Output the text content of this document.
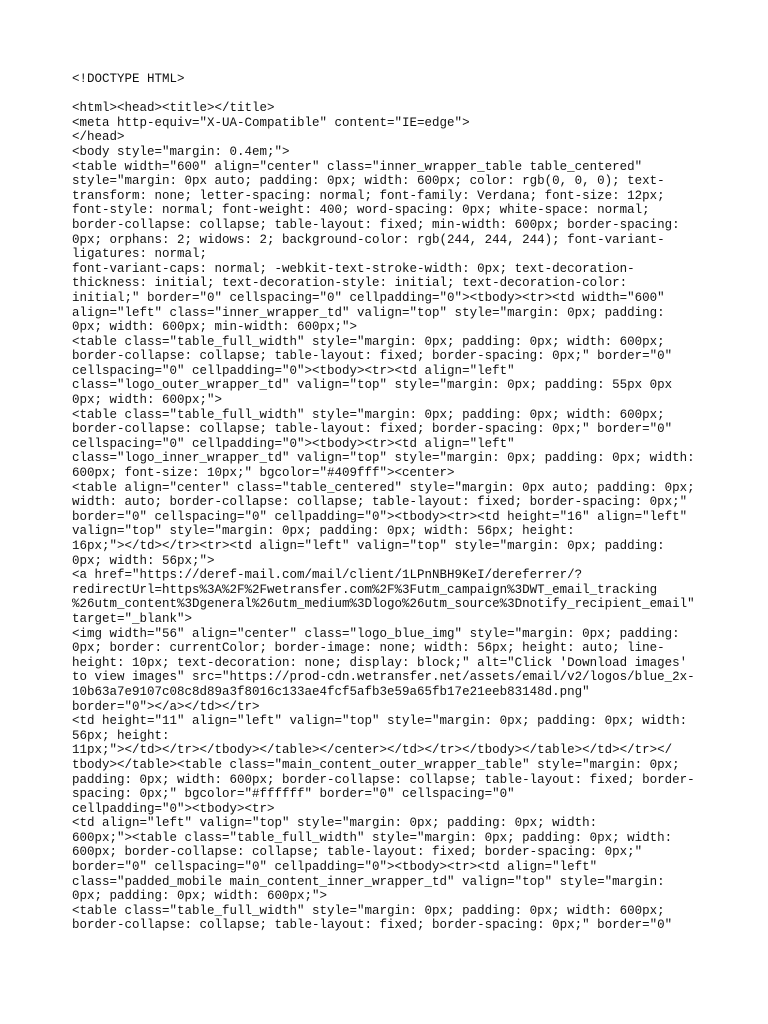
<!DOCTYPE HTML>
<html><head><title></title>
<meta http-equiv="X-UA-Compatible" content="IE=edge">
</head>
<body style="margin: 0.4em;">
<table width="600" align="center" class="inner_wrapper_table table_centered"
style="margin: 0px auto; padding: 0px; width: 600px; color: rgb(0, 0, 0); text-
transform: none; letter-spacing: normal; font-family: Verdana; font-size: 12px;
font-style: normal; font-weight: 400; word-spacing: 0px; white-space: normal;
border-collapse: collapse; table-layout: fixed; min-width: 600px; border-spacing:
0px; orphans: 2; widows: 2; background-color: rgb(244, 244, 244); font-variant-
ligatures: normal;
font-variant-caps: normal; -webkit-text-stroke-width: 0px; text-decoration-
thickness: initial; text-decoration-style: initial; text-decoration-color:
initial;" border="0" cellspacing="0" cellpadding="0"><tbody><tr><td width="600"
align="left" class="inner_wrapper_td" valign="top" style="margin: 0px; padding:
0px; width: 600px; min-width: 600px;">
<table class="table_full_width" style="margin: 0px; padding: 0px; width: 600px;
border-collapse: collapse; table-layout: fixed; border-spacing: 0px;" border="0"
cellspacing="0" cellpadding="0"><tbody><tr><td align="left"
class="logo_outer_wrapper_td" valign="top" style="margin: 0px; padding: 55px 0px
0px; width: 600px;">
<table class="table_full_width" style="margin: 0px; padding: 0px; width: 600px;
border-collapse: collapse; table-layout: fixed; border-spacing: 0px;" border="0"
cellspacing="0" cellpadding="0"><tbody><tr><td align="left"
class="logo_inner_wrapper_td" valign="top" style="margin: 0px; padding: 0px; width:
600px; font-size: 10px;" bgcolor="#409fff"><center>
<table align="center" class="table_centered" style="margin: 0px auto; padding: 0px;
width: auto; border-collapse: collapse; table-layout: fixed; border-spacing: 0px;"
border="0" cellspacing="0" cellpadding="0"><tbody><tr><td height="16" align="left"
valign="top" style="margin: 0px; padding: 0px; width: 56px; height:
16px;"></td></tr><tr><td align="left" valign="top" style="margin: 0px; padding:
0px; width: 56px;">
<a href="https://deref-mail.com/mail/client/1LPnNBH9KeI/dereferrer/?
redirectUrl=https%3A%2F%2Fwetransfer.com%2F%3Futm_campaign%3DWT_email_tracking
%26utm_content%3Dgeneral%26utm_medium%3Dlogo%26utm_source%3Dnotify_recipient_email"
target="_blank">
<img width="56" align="center" class="logo_blue_img" style="margin: 0px; padding:
0px; border: currentColor; border-image: none; width: 56px; height: auto; line-
height: 10px; text-decoration: none; display: block;" alt="Click 'Download images'
to view images" src="https://prod-cdn.wetransfer.net/assets/email/v2/logos/blue_2x-
10b63a7e9107c08c8d89a3f8016c133ae4fcf5afb3e59a65fb17e21eeb83148d.png"
border="0"></a></td></tr>
<td height="11" align="left" valign="top" style="margin: 0px; padding: 0px; width:
56px; height:
11px;"></td></tr></tbody></table></center></td></tr></tbody></table></td></tr></
tbody></table><table class="main_content_outer_wrapper_table" style="margin: 0px;
padding: 0px; width: 600px; border-collapse: collapse; table-layout: fixed; border-
spacing: 0px;" bgcolor="#ffffff" border="0" cellspacing="0"
cellpadding="0"><tbody><tr>
<td align="left" valign="top" style="margin: 0px; padding: 0px; width:
600px;"><table class="table_full_width" style="margin: 0px; padding: 0px; width:
600px; border-collapse: collapse; table-layout: fixed; border-spacing: 0px;"
border="0" cellspacing="0" cellpadding="0"><tbody><tr><td align="left"
class="padded_mobile main_content_inner_wrapper_td" valign="top" style="margin:
0px; padding: 0px; width: 600px;">
<table class="table_full_width" style="margin: 0px; padding: 0px; width: 600px;
border-collapse: collapse; table-layout: fixed; border-spacing: 0px;" border="0"
